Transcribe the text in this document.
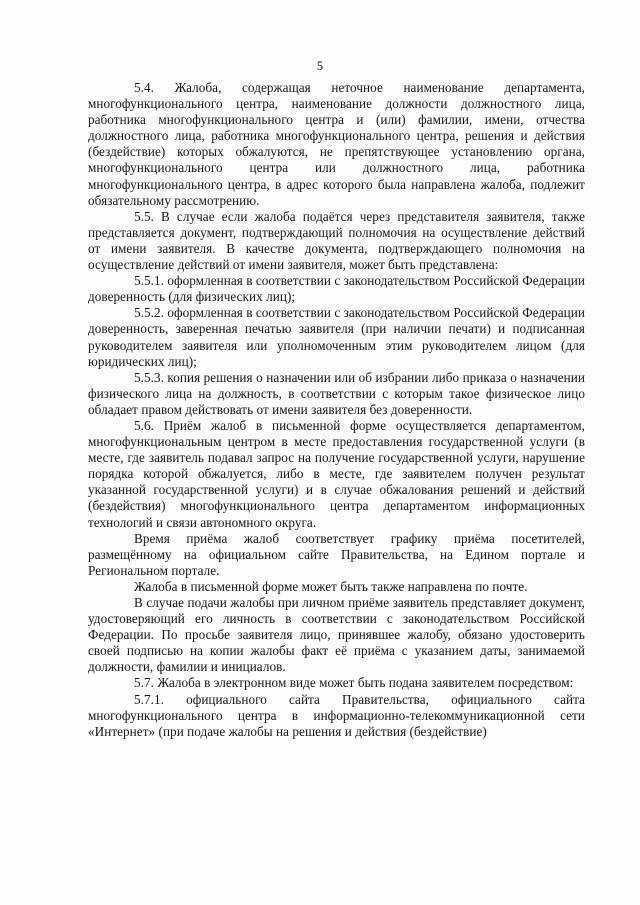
5

5.4. Жалоба, содержащая неточное наименование департамента, многофункционального центра, наименование должности должностного лица, работника многофункционального центра и (или) фамилии, имени, отчества должностного лица, работника многофункционального центра, решения и действия (бездействие) которых обжалуются, не препятствующее установлению органа, многофункционального центра или должностного лица, работника многофункционального центра, в адрес которого была направлена жалоба, подлежит обязательному рассмотрению.

5.5. В случае если жалоба подаётся через представителя заявителя, также представляется документ, подтверждающий полномочия на осуществление действий от имени заявителя. В качестве документа, подтверждающего полномочия на осуществление действий от имени заявителя, может быть представлена:

5.5.1. оформленная в соответствии с законодательством Российской Федерации доверенность (для физических лиц);

5.5.2. оформленная в соответствии с законодательством Российской Федерации доверенность, заверенная печатью заявителя (при наличии печати) и подписанная руководителем заявителя или уполномоченным этим руководителем лицом (для юридических лиц);

5.5.3. копия решения о назначении или об избрании либо приказа о назначении физического лица на должность, в соответствии с которым такое физическое лицо обладает правом действовать от имени заявителя без доверенности.

5.6. Приём жалоб в письменной форме осуществляется департаментом, многофункциональным центром в месте предоставления государственной услуги (в месте, где заявитель подавал запрос на получение государственной услуги, нарушение порядка которой обжалуется, либо в месте, где заявителем получен результат указанной государственной услуги) и в случае обжалования решений и действий (бездействия) многофункционального центра департаментом информационных технологий и связи автономного округа.

Время приёма жалоб соответствует графику приёма посетителей, размещённому на официальном сайте Правительства, на Едином портале и Региональном портале.

Жалоба в письменной форме может быть также направлена по почте.

В случае подачи жалобы при личном приёме заявитель представляет документ, удостоверяющий его личность в соответствии с законодательством Российской Федерации. По просьбе заявителя лицо, принявшее жалобу, обязано удостоверить своей подписью на копии жалобы факт её приёма с указанием даты, занимаемой должности, фамилии и инициалов.

5.7. Жалоба в электронном виде может быть подана заявителем посредством:

5.7.1. официального сайта Правительства, официального сайта многофункционального центра в информационно-телекоммуникационной сети «Интернет» (при подаче жалобы на решения и действия (бездействие)
